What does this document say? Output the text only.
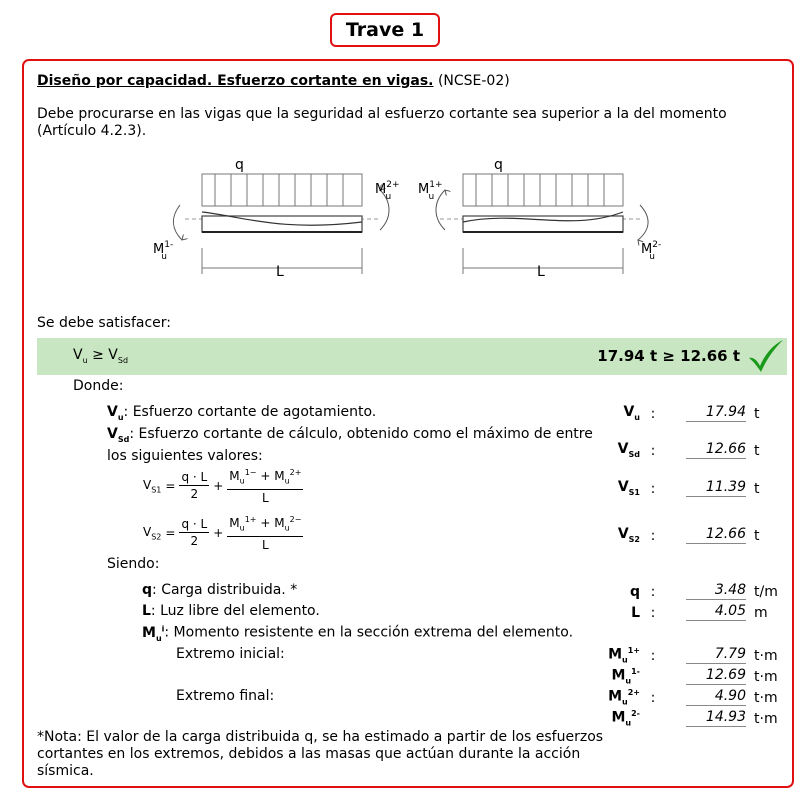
Trave 1
Diseño por capacidad. Esfuerzo cortante en vigas. (NCSE-02)
Debe procurarse en las vigas que la seguridad al esfuerzo cortante sea superior a la del momento (Artículo 4.2.3).
q
L
$M^{1-}u$
$M^{2+}$ u
q
L
$M^{1+}$ u
$M^{2-}u$
Se debe satisfacer:
$V_u \ge V_{Sd}$	17.94 t ≥ 12.66 t
Donde:
$V_u$: Esfuerzo cortante de agotamiento.	$V_u$ :	17.94 t
$V_{Sd}$: Esfuerzo cortante de cálculo, obtenido como el máximo de entre los siguientes valores:	$V_{Sd}$ :	12.66 t
$V_{S1} = \frac{q \cdot L}{2} + \frac{M_u^{1-} + M_u^{2+}}{L}$	$V_{S1}$ :	11.39 t
$V_{S2} = \frac{q \cdot L}{2} + \frac{M_u^{1+} + M_u^{2-}}{L}$	$V_{S2}$ :	12.66 t
Siendo:
q: Carga distribuida. *	q :	3.48 t/m
L: Luz libre del elemento.	L :	4.05 m
$M_u^i$: Momento resistente en la sección extrema del elemento.
Extremo inicial:
Extremo final:
$M_u^{1+}$ :	7.79 t·m
$M_u^{1-}$	12.69 t·m
$M_u^{2+}$ :	4.90 t·m
$M_u^{2-}$	14.93 t·m
*Nota: El valor de la carga distribuida q, se ha estimado a partir de los esfuerzos cortantes en los extremos, debidos a las masas que actúan durante la acción sísmica.
